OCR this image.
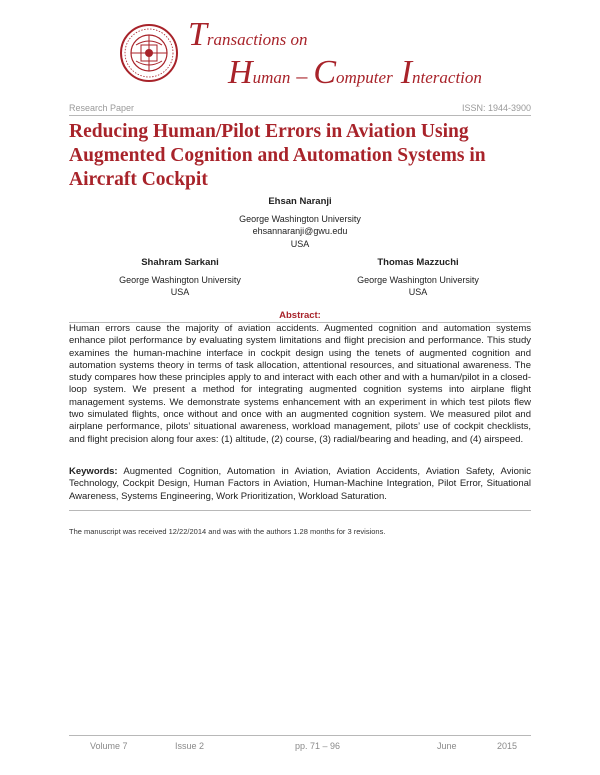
Transactions on
Human – Computer Interaction
Research Paper	ISSN: 1944-3900
Reducing Human/Pilot Errors in Aviation Using Augmented Cognition and Automation Systems in Aircraft Cockpit
Ehsan Naranji
George Washington University
ehsannaranji@gwu.edu
USA
Shahram Sarkani
George Washington University
USA
Thomas Mazzuchi
George Washington University
USA
Abstract:

Human errors cause the majority of aviation accidents. Augmented cognition and automation systems enhance pilot performance by evaluating system limitations and flight precision and performance. This study examines the human-machine interface in cockpit design using the tenets of augmented cognition and automation systems theory in terms of task allocation, attentional resources, and situational awareness. The study compares how these principles apply to and interact with each other and with a human/pilot in a closed-loop system. We present a method for integrating augmented cognition systems into airplane flight management systems. We demonstrate systems enhancement with an experiment in which test pilots flew two simulated flights, once without and once with an augmented cognition system. We measured pilot and airplane performance, pilots’ situational awareness, workload management, pilots’ use of cockpit checklists, and flight precision along four axes: (1) altitude, (2) course, (3) radial/bearing and heading, and (4) airspeed.

Keywords: Augmented Cognition, Automation in Aviation, Aviation Accidents, Aviation Safety, Avionic Technology, Cockpit Design, Human Factors in Aviation, Human-Machine Integration, Pilot Error, Situational Awareness, Systems Engineering, Work Prioritization, Workload Saturation.

The manuscript was received 12/22/2014 and was with the authors 1.28 months for 3 revisions.
Volume 7	Issue 2	pp. 71 – 96	June	2015
